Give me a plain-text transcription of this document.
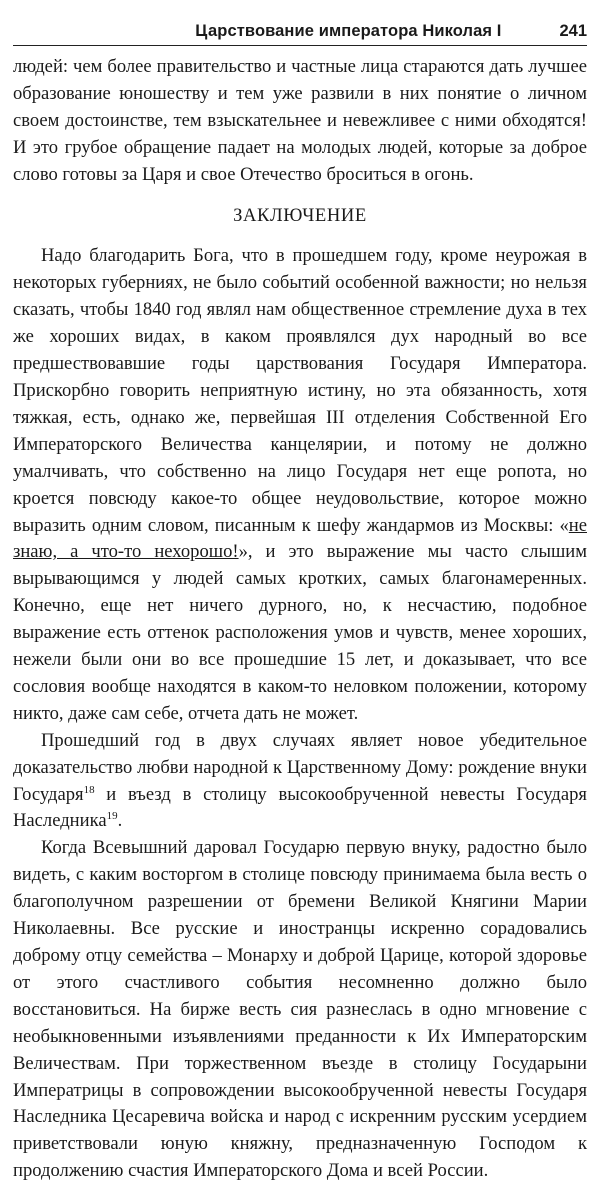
Царствование императора Николая I	241

людей: чем более правительство и частные лица стараются дать лучшее образование юношеству и тем уже развили в них понятие о личном своем достоинстве, тем взыскательнее и невежливее с ними обходятся! И это грубое обращение падает на молодых людей, которые за доброе слово готовы за Царя и свое Отечество броситься в огонь.

ЗАКЛЮЧЕНИЕ

Надо благодарить Бога, что в прошедшем году, кроме неурожая в некоторых губерниях, не было событий особенной важности; но нельзя сказать, чтобы 1840 год являл нам общественное стремление духа в тех же хороших видах, в каком проявлялся дух народный во все предшествовавшие годы царствования Государя Императора. Прискорбно говорить неприятную истину, но эта обязанность, хотя тяжкая, есть, однако же, первейшая III отделения Собственной Его Императорского Величества канцелярии, и потому не должно умалчивать, что собственно на лицо Государя нет еще ропота, но кроется повсюду какое-то общее неудовольствие, которое можно выразить одним словом, писанным к шефу жандармов из Москвы: «не знаю, а что-то нехорошо!», и это выражение мы часто слышим вырывающимся у людей самых кротких, самых благонамеренных. Конечно, еще нет ничего дурного, но, к несчастию, подобное выражение есть оттенок расположения умов и чувств, менее хороших, нежели были они во все прошедшие 15 лет, и доказывает, что все сословия вообще находятся в каком-то неловком положении, которому никто, даже сам себе, отчета дать не может.

Прошедший год в двух случаях являет новое убедительное доказательство любви народной к Царственному Дому: рождение внуки Государя$^{18}$ и въезд в столицу высокообрученной невесты Государя Наследника$^{19}$.

Когда Всевышний даровал Государю первую внуку, радостно было видеть, с каким восторгом в столице повсюду принимаема была весть о благополучном разрешении от бремени Великой Княгини Марии Николаевны. Все русские и иностранцы искренно сорадовались доброму отцу семейства – Монарху и доброй Царице, которой здоровье от этого счастливого события несомненно должно было восстановиться. На бирже весть сия разнеслась в одно мгновение с необыкновенными изъявлениями преданности к Их Императорским Величествам. При торжественном въезде в столицу Государыни Императрицы в сопровождении высокообрученной невесты Государя Наследника Цесаревича войска и народ с искренним русским усердием приветствовали юную княжну, предназначенную Господом к продолжению счастия Императорского Дома и всей России.
